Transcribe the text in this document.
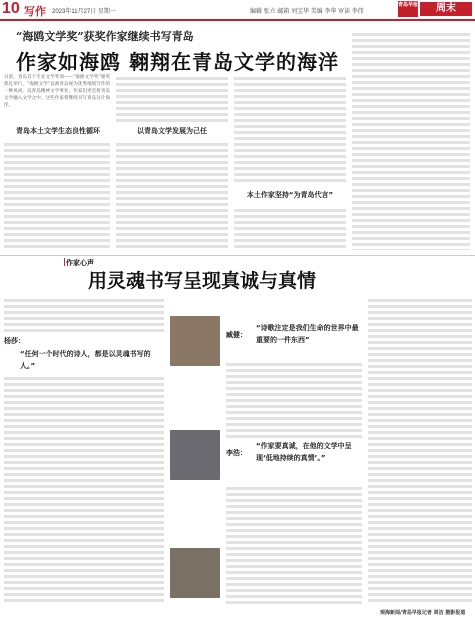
10 写作 2023年11月27日 星期一	编辑 张立 邮箱 刘宝华 美编 李华 审读 李伟
青岛早报	周末
“海鸥文学奖”获奖作家继续书写青岛
作家如海鸥 翱翔在青岛文学的海洋
日前，青岛首个专业文学奖项——“海鸥文学奖”颁奖典礼举行，“海鸥文学”以被青岛视为优秀地域写作的一种风尚，以青岛精神文学事业，作家们更是将青岛文学融入文学之中。这些作家将继续书写青岛这片海洋。
青岛本土文学生态良性循环	以青岛文学发展为己任
本土作家坚持“为青岛代言”
作家心声
用灵魂书写呈现真诚与真情
杨莎：
“任何一个时代的诗人，都是以灵魂书写的人。”
臧健：
“诗歌注定是我们生命的世界中最重要的一件东西”
李浩：
“作家要真诚，在他的文学中呈现‘低地持续的真情’。”
观海新闻/青岛早报记者 周洁 摄影报道
